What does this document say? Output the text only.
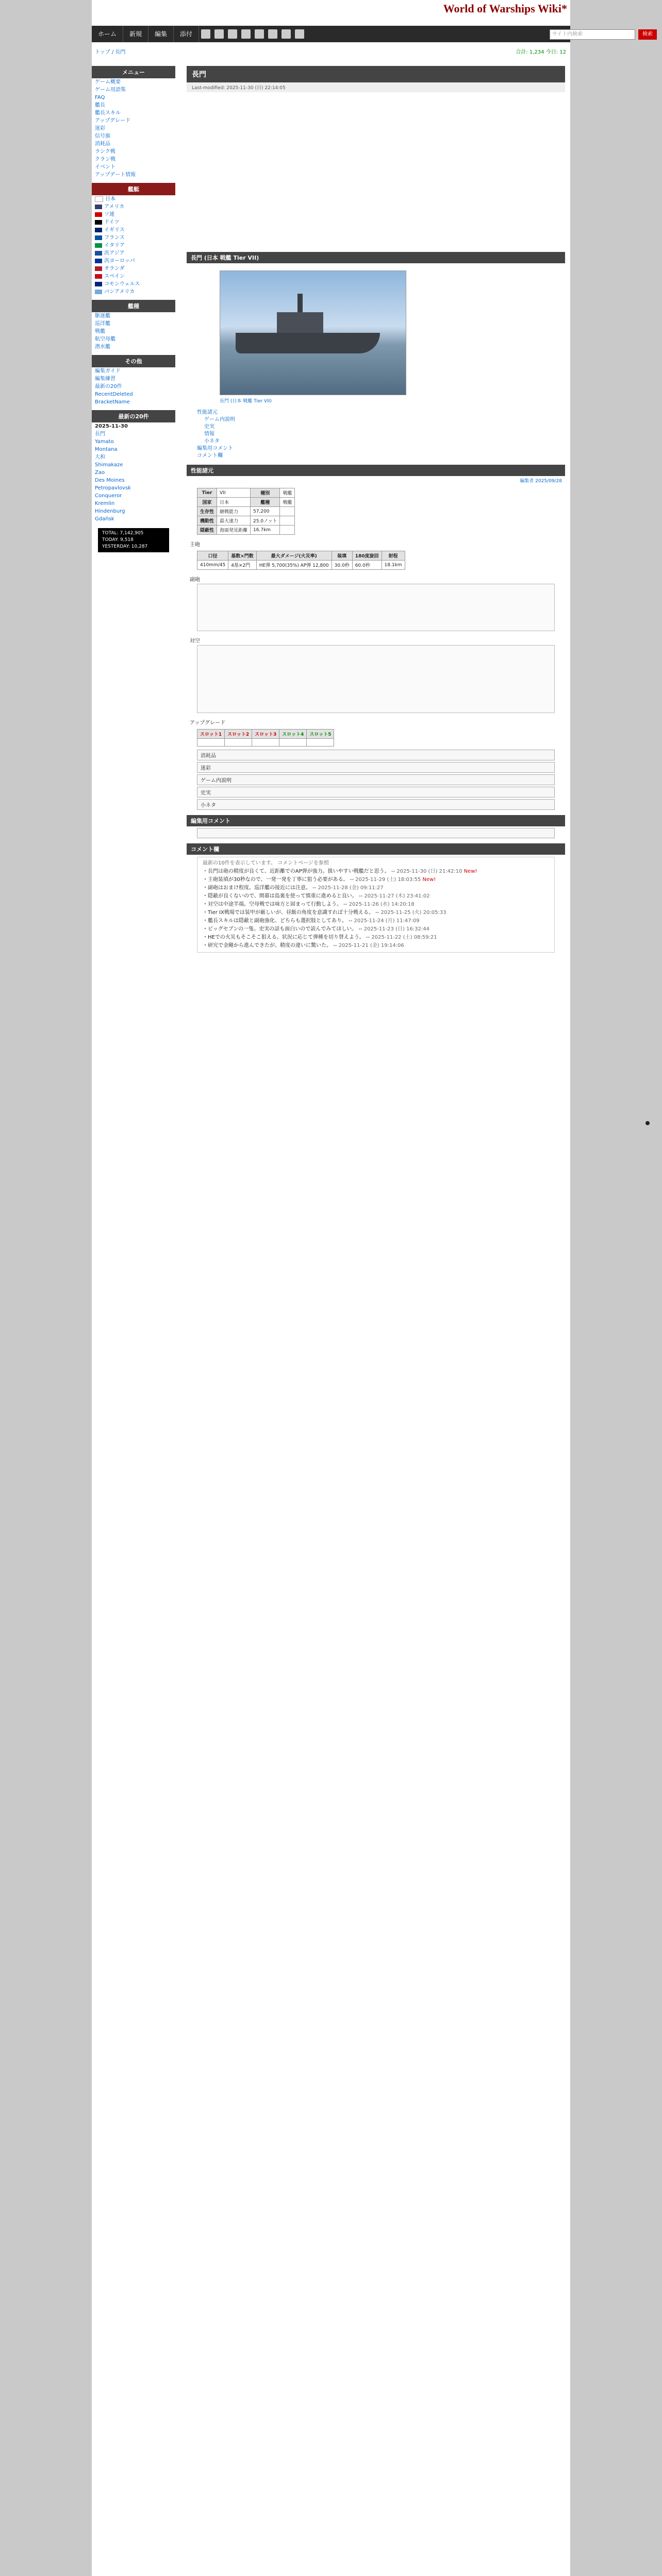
World of Warships Wiki*
ホーム	新規	編集	添付	サイト内検索	検索
トップ / 長門	合計: 1,234 今日: 12
メニュー
ゲーム概要
ゲーム用語集
FAQ
艦長
艦長スキル
アップグレード
迷彩
信号旗
消耗品
ランク戦
クラン戦
イベント
アップデート情報
艦艇
日本
アメリカ
ソ連
ドイツ
イギリス
フランス
イタリア
汎アジア
汎ヨーロッパ
オランダ
スペイン
コモンウェルス
パンアメリカ
艦種
駆逐艦
巡洋艦
戦艦
航空母艦
潜水艦
その他
編集ガイド
編集練習
最新の20件
RecentDeleted
BracketName
最新の20件
2025-11-30
長門
Yamato
Montana
大和
Shimakaze
Zao
Des Moines
Petropavlovsk
Conqueror
Kremlin
Hindenburg
Gdańsk
TOTAL: 7,142,905
TODAY: 9,518
YESTERDAY: 10,287
長門
Last-modified: 2025-11-30 (日) 22:14:05
長門 (日本 戦艦 Tier VII)
長門 (日本 戦艦 Tier VII)
性能諸元
ゲーム内説明
史実
情報
小ネタ
編集用コメント
コメント欄
性能諸元
編集者 2025/09/28
Tier	VII	種別	戦艦
国家	日本	艦種	戦艦
生存性	継戦能力	57,200	
機動性	最大速力	25.0ノット	
隠蔽性	海面発見距離	16.7km	
主砲
口径	基数×門数	最大ダメージ(火災率)	装填	180度旋回	射程
410mm/45	4基×2門	HE弾 5,700(35%) AP弾 12,800	30.0秒	60.0秒	18.1km
副砲
対空
アップグレード
スロット1	スロット2	スロット3	スロット4	スロット5

消耗品
迷彩
ゲーム内説明
史実
小ネタ
編集用コメント
コメント欄
最新の10件を表示しています。 コメントページを参照
・長門は砲の精度が良くて、近距離でのAP弾が強力。扱いやすい戦艦だと思う。 -- 2025-11-30 (日) 21:42:10 New!
・主砲装填が30秒なので、一発一発を丁寧に狙う必要がある。 -- 2025-11-29 (土) 18:03:55 New!
・副砲はおまけ程度。巡洋艦の接近には注意。 -- 2025-11-28 (金) 09:11:27
・隠蔽が良くないので、開幕は島裏を使って慎重に進めると良い。 -- 2025-11-27 (木) 23:41:02
・対空は中途半端。空母戦では味方と固まって行動しよう。 -- 2025-11-26 (水) 14:20:18
・Tier IX戦場では装甲が厳しいが、昼飯の角度を意識すれば十分戦える。 -- 2025-11-25 (火) 20:05:33
・艦長スキルは隠蔽と副砲強化、どちらも選択肢としてあり。 -- 2025-11-24 (月) 11:47:09
・ビッグセブンの一隻。史実の話も面白いので読んでみてほしい。 -- 2025-11-23 (日) 16:32:44
・HEでの火災もそこそこ狙える。状況に応じて弾種を切り替えよう。 -- 2025-11-22 (土) 08:59:21
・研究で金剛から進んできたが、精度の違いに驚いた。 -- 2025-11-21 (金) 19:14:06
